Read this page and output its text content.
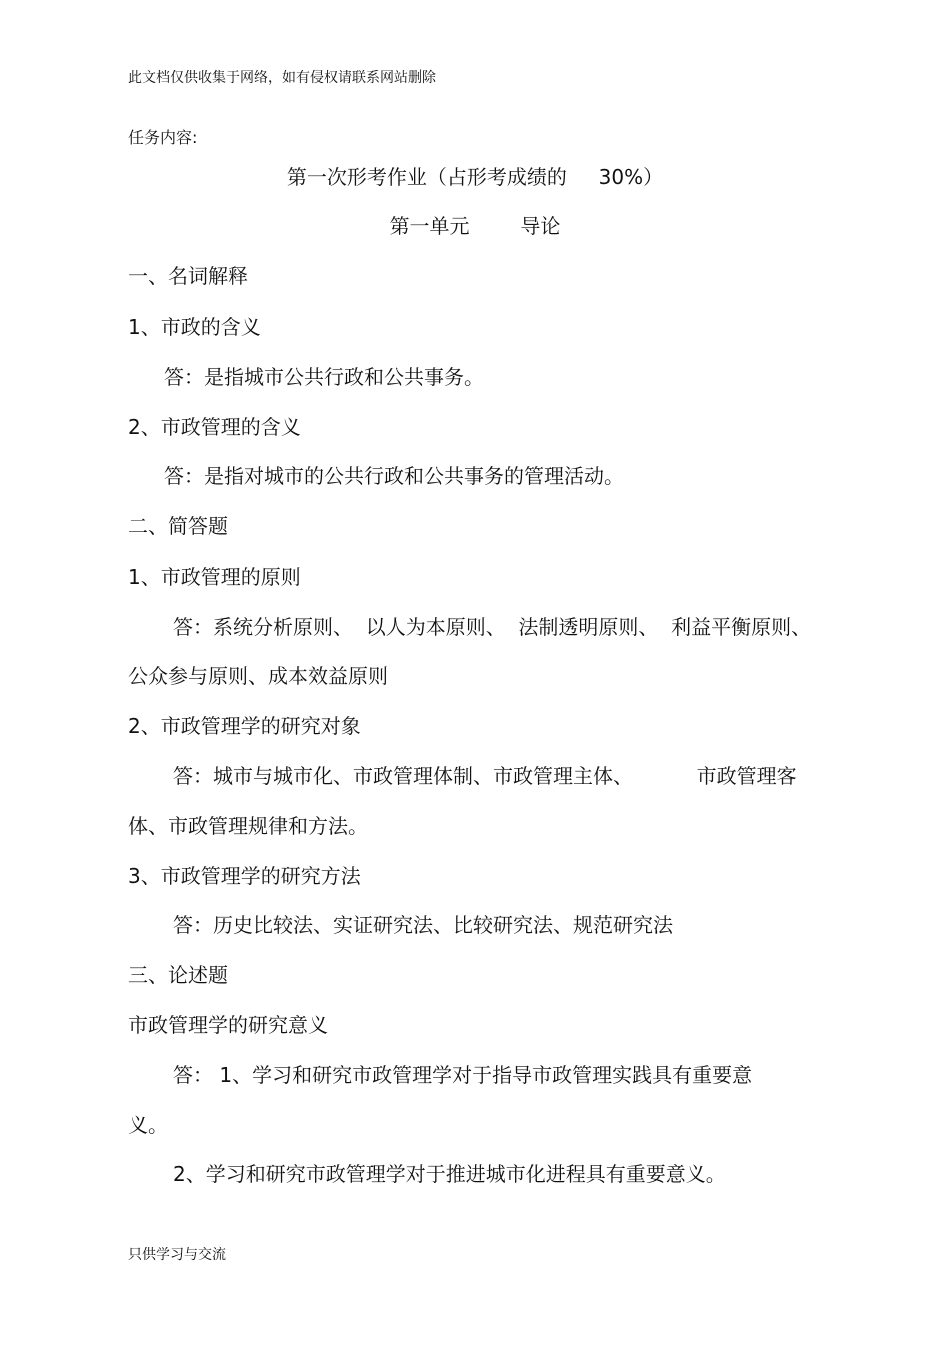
此文档仅供收集于网络，如有侵权请联系网站删除
任务内容:
第一次形考作业（占形考成绩的     30%）
第一单元        导论
一、名词解释
1、市政的含义
答：是指城市公共行政和公共事务。
2、市政管理的含义
答：是指对城市的公共行政和公共事务的管理活动。
二、简答题
1、市政管理的原则
答：系统分析原则、  以人为本原则、  法制透明原则、  利益平衡原则、
公众参与原则、成本效益原则
2、市政管理学的研究对象
答：城市与城市化、市政管理体制、市政管理主体、          市政管理客
体、市政管理规律和方法。
3、市政管理学的研究方法
答：历史比较法、实证研究法、比较研究法、规范研究法
三、论述题
市政管理学的研究意义
答： 1、学习和研究市政管理学对于指导市政管理实践具有重要意
义。
2、学习和研究市政管理学对于推进城市化进程具有重要意义。
只供学习与交流
